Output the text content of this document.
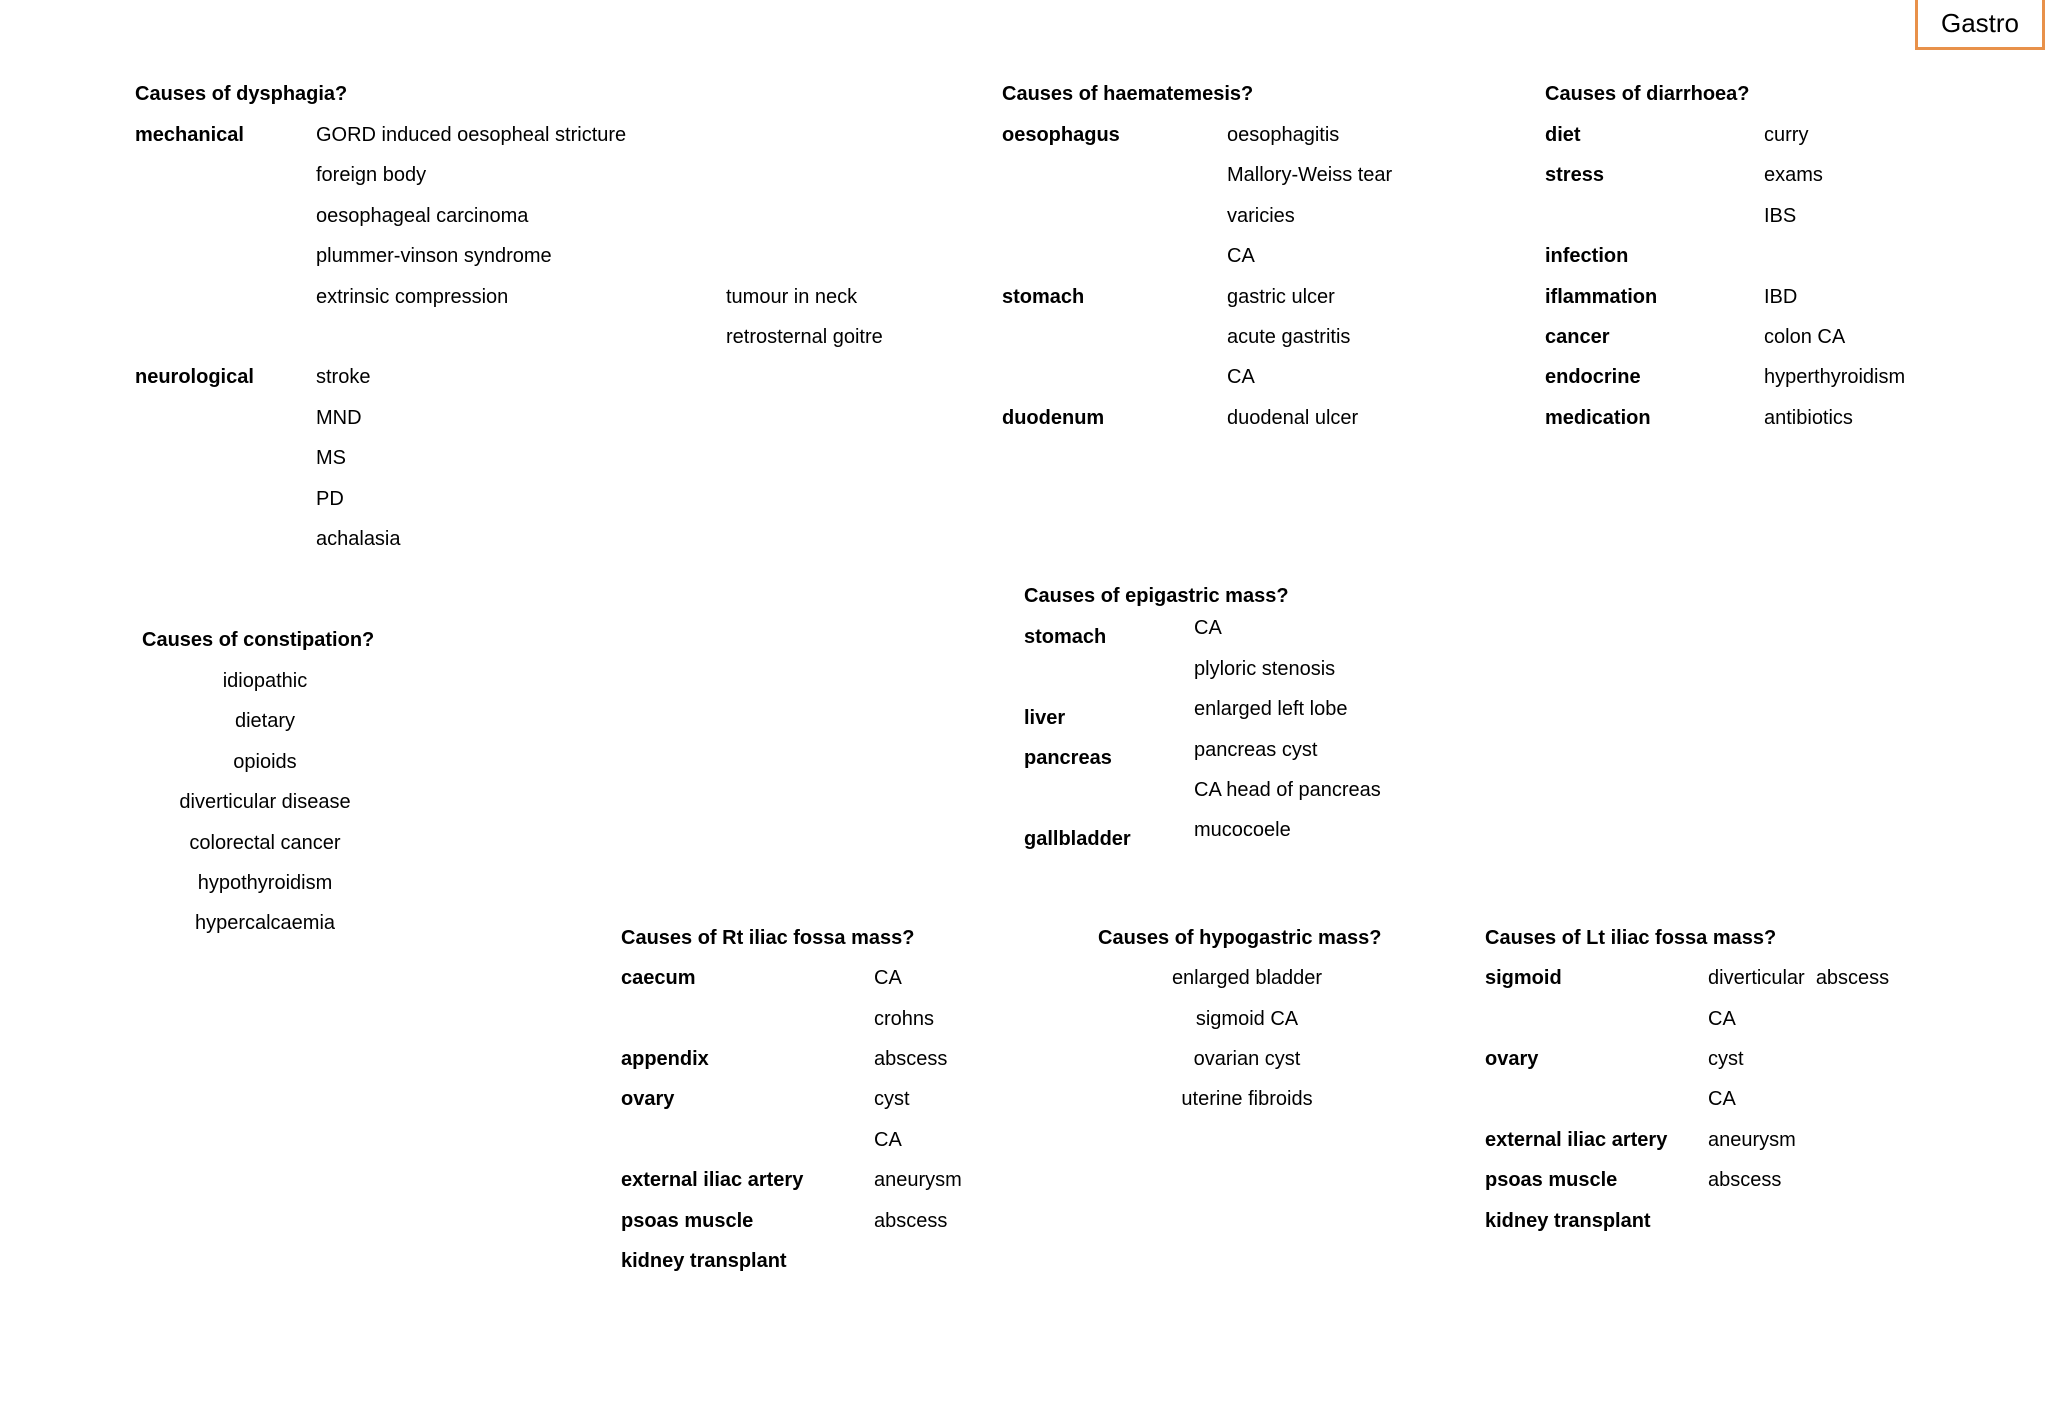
Gastro
Causes of dysphagia?
mechanical
neurological
GORD induced oesopheal stricture
foreign body
oesophageal carcinoma
plummer-vinson syndrome
extrinsic compression	tumour in neck
retrosternal goitre
stroke
MND
MS
PD
achalasia
Causes of haematemesis?
oesophagus
stomach
duodenum
oesophagitis
Mallory-Weiss tear
varicies
CA
gastric ulcer
acute gastritis
CA
duodenal ulcer
Causes of diarrhoea?
diet
stress
infection
iflammation
cancer
endocrine
medication
curry
exams
IBS
IBD
colon CA
hyperthyroidism
antibiotics
Causes of epigastric mass?
stomach
liver
pancreas
gallbladder
CA
plyloric stenosis
enlarged left lobe
pancreas cyst
CA head of pancreas
mucocoele
Causes of constipation?
idiopathic
dietary
opioids
diverticular disease
colorectal cancer
hypothyroidism
hypercalcaemia
Causes of Rt iliac fossa mass?
caecum
appendix
ovary
external iliac artery
psoas muscle
kidney transplant
CA
crohns
abscess
cyst
CA
aneurysm
abscess
Causes of hypogastric mass?
enlarged bladder
sigmoid CA
ovarian cyst
uterine fibroids
Causes of Lt iliac fossa mass?
sigmoid
ovary
external iliac artery
psoas muscle
kidney transplant
diverticular  abscess
CA
cyst
CA
aneurysm
abscess
